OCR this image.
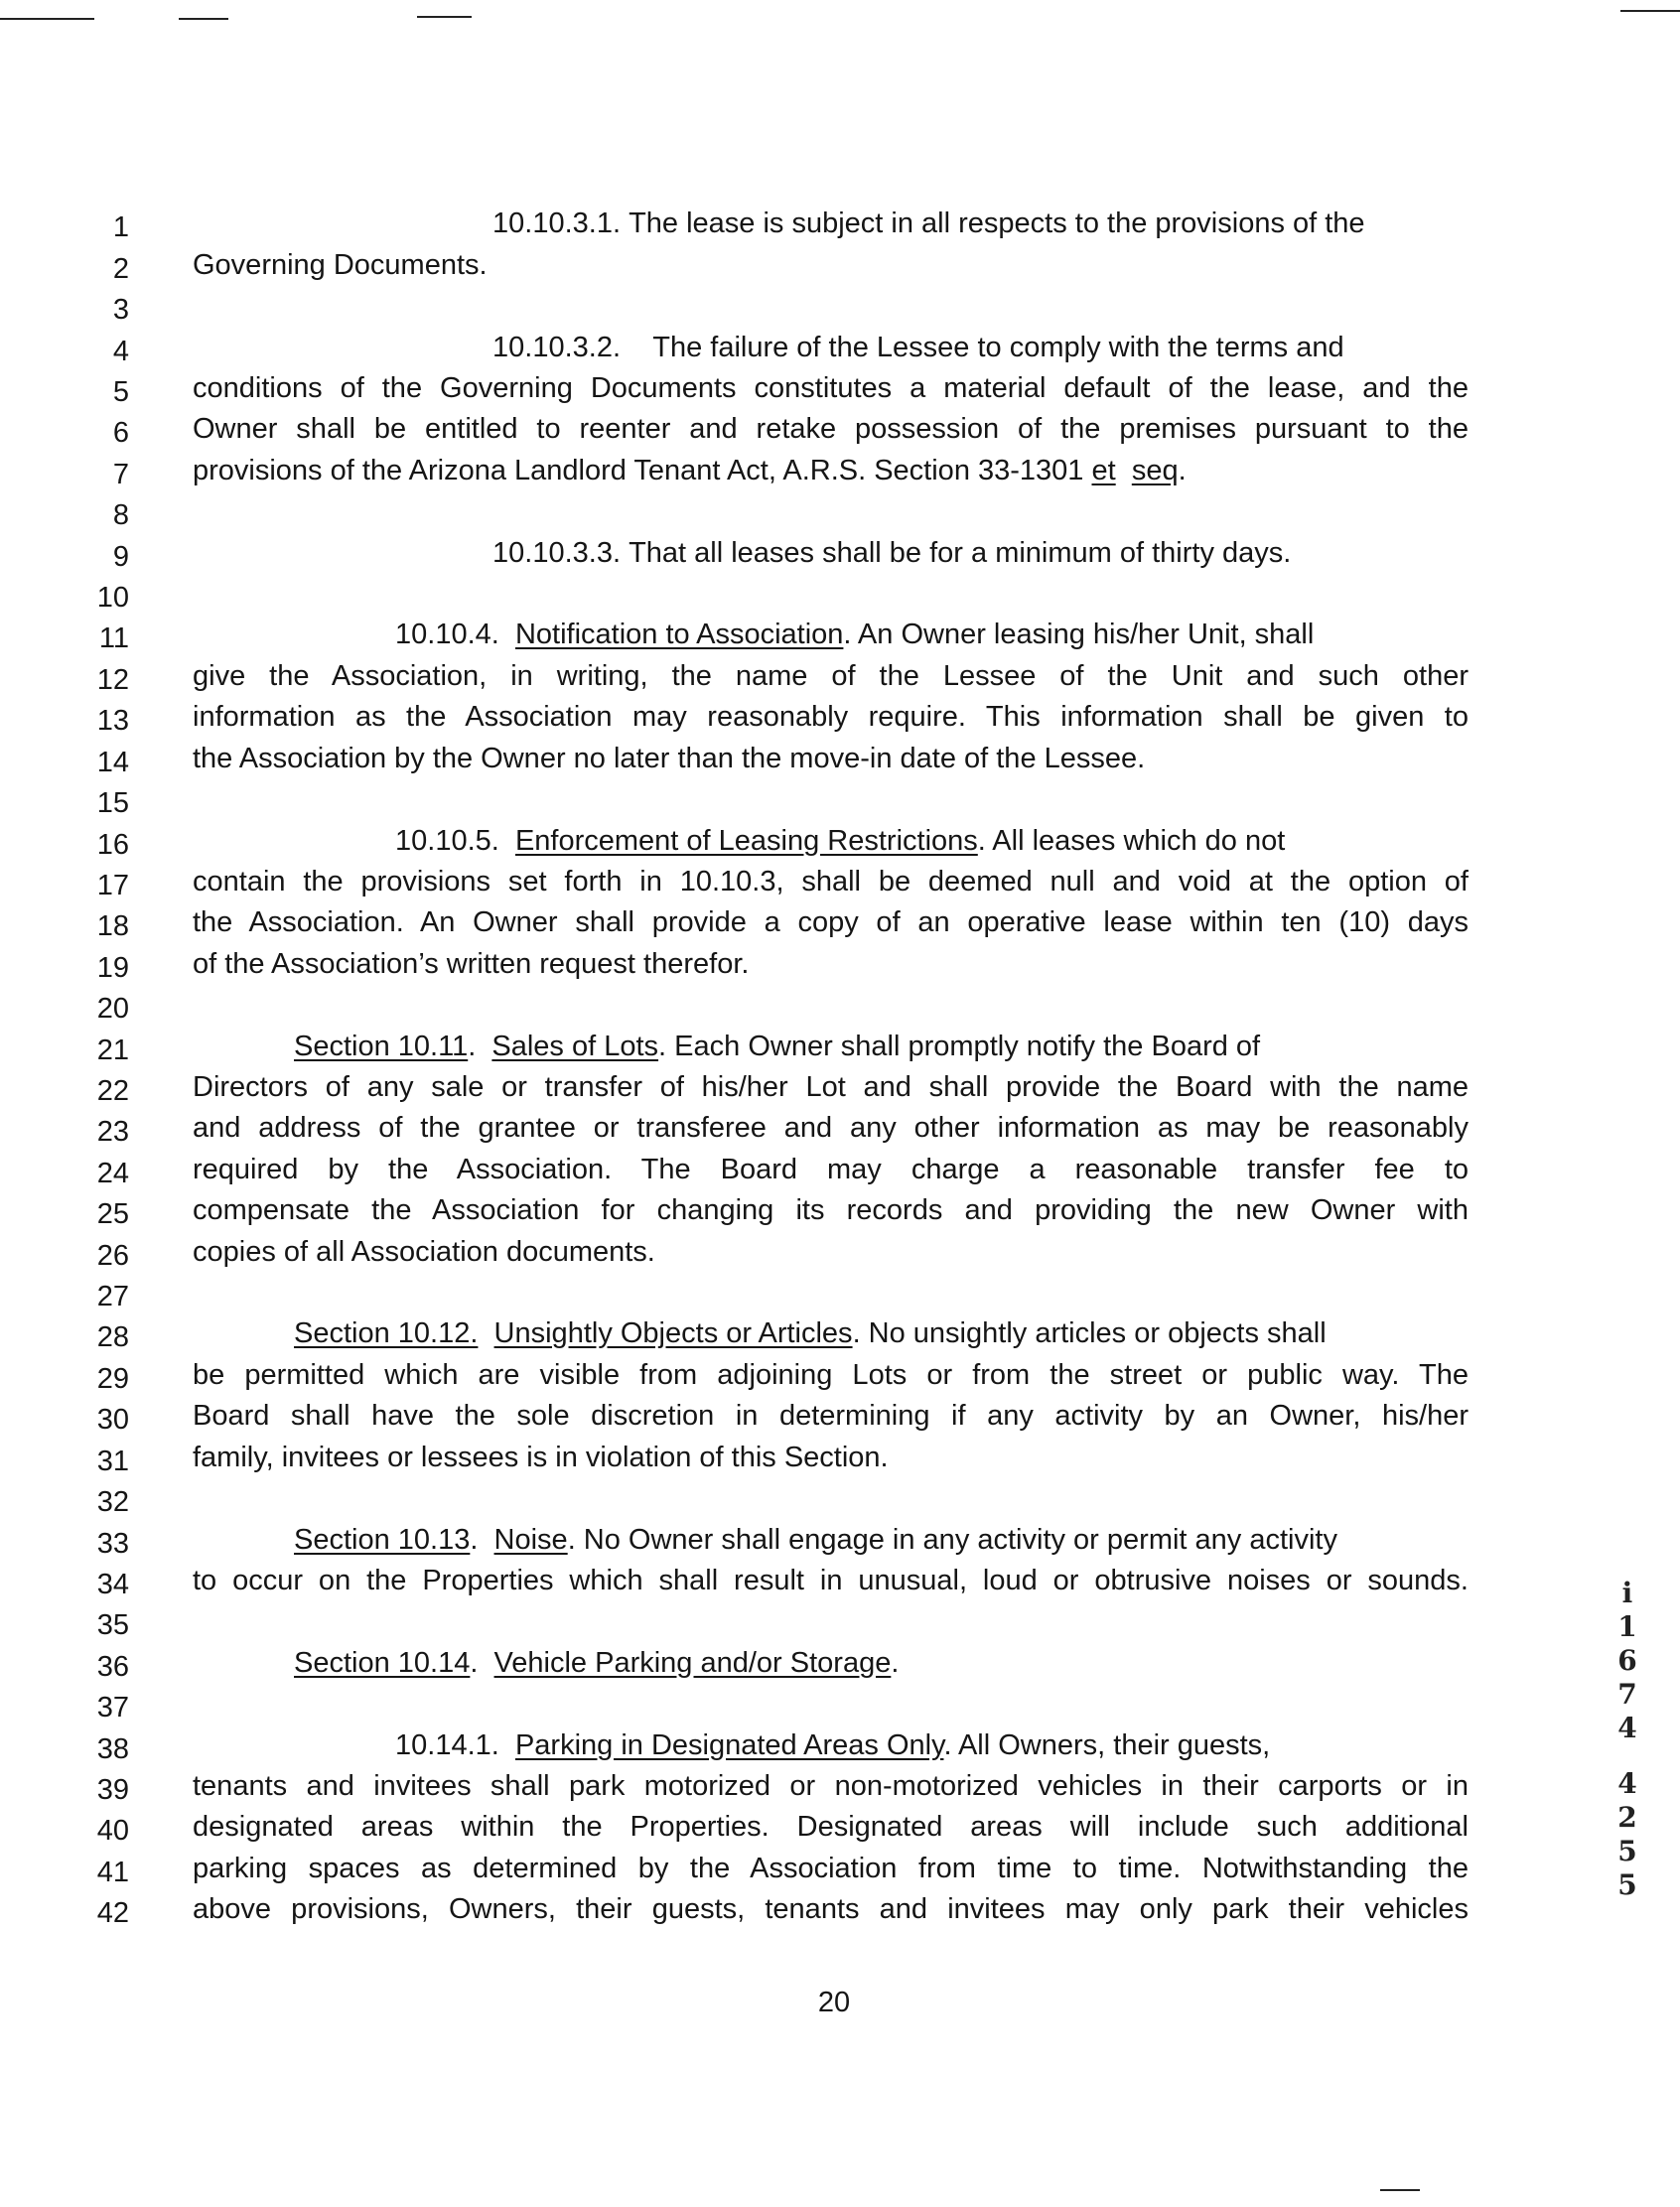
1
2
3
4
5
6
7
8
9
10
11
12
13
14
15
16
17
18
19
20
21
22
23
24
25
26
27
28
29
30
31
32
33
34
35
36
37
38
39
40
41
42
10.10.3.1. The lease is subject in all respects to the provisions of the
Governing Documents.
10.10.3.2. The failure of the Lessee to comply with the terms and
conditions of the Governing Documents constitutes a material default of the lease, and the
Owner shall be entitled to reenter and retake possession of the premises pursuant to the
provisions of the Arizona Landlord Tenant Act, A.R.S. Section 33-1301 et seq.
10.10.3.3. That all leases shall be for a minimum of thirty days.
10.10.4. Notification to Association. An Owner leasing his/her Unit, shall
give the Association, in writing, the name of the Lessee of the Unit and such other
information as the Association may reasonably require. This information shall be given to
the Association by the Owner no later than the move-in date of the Lessee.
10.10.5. Enforcement of Leasing Restrictions. All leases which do not
contain the provisions set forth in 10.10.3, shall be deemed null and void at the option of
the Association. An Owner shall provide a copy of an operative lease within ten (10) days
of the Association’s written request therefor.
Section 10.11.  Sales of Lots. Each Owner shall promptly notify the Board of
Directors of any sale or transfer of his/her Lot and shall provide the Board with the name
and address of the grantee or transferee and any other information as may be reasonably
required by the Association. The Board may charge a reasonable transfer fee to
compensate the Association for changing its records and providing the new Owner with
copies of all Association documents.
Section 10.12. Unsightly Objects or Articles. No unsightly articles or objects shall
be permitted which are visible from adjoining Lots or from the street or public way. The
Board shall have the sole discretion in determining if any activity by an Owner, his/her
family, invitees or lessees is in violation of this Section.
Section 10.13.  Noise. No Owner shall engage in any activity or permit any activity
to occur on the Properties which shall result in unusual, loud or obtrusive noises or sounds.
Section 10.14.  Vehicle Parking and/or Storage.
10.14.1. Parking in Designated Areas Only. All Owners, their guests,
tenants and invitees shall park motorized or non-motorized vehicles in their carports or in
designated areas within the Properties. Designated areas will include such additional
parking spaces as determined by the Association from time to time. Notwithstanding the
above provisions, Owners, their guests, tenants and invitees may only park their vehicles
20
i
1
6
7
4
4
2
5
5
